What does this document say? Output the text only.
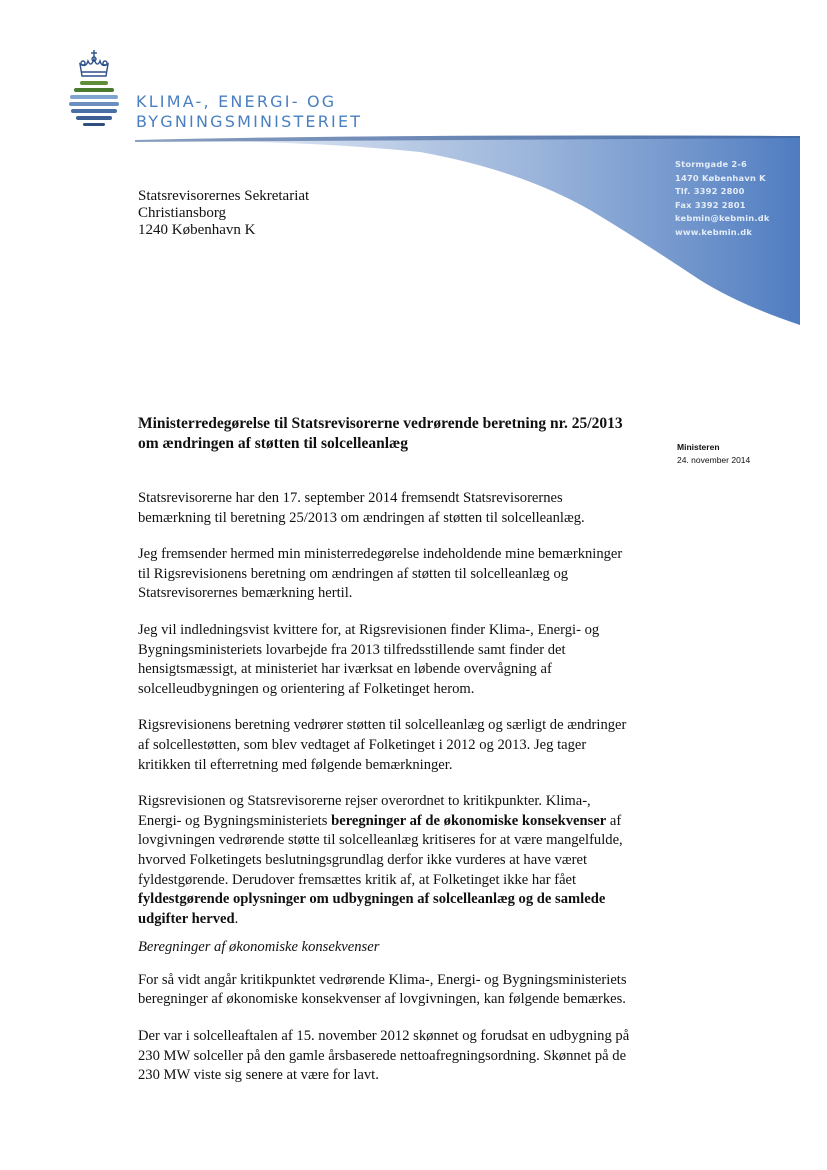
KLIMA-, ENERGI- OG
BYGNINGSMINISTERIET
Stormgade 2-6
1470 København K
Tlf. 3392 2800
Fax 3392 2801
kebmin@kebmin.dk
www.kebmin.dk
Statsrevisorernes Sekretariat
Christiansborg
1240 København K
Ministerredegørelse til Statsrevisorerne vedrørende beretning nr. 25/2013 om ændringen af støtten til solcelleanlæg	Ministeren
24. november 2014

Statsrevisorerne har den 17. september 2014 fremsendt Statsrevisorernes bemærkning til beretning 25/2013 om ændringen af støtten til solcelleanlæg.

Jeg fremsender hermed min ministerredegørelse indeholdende mine bemærkninger til Rigsrevisionens beretning om ændringen af støtten til solcelleanlæg og Statsrevisorernes bemærkning hertil.

Jeg vil indledningsvist kvittere for, at Rigsrevisionen finder Klima-, Energi- og Bygningsministeriets lovarbejde fra 2013 tilfredsstillende samt finder det hensigtsmæssigt, at ministeriet har iværksat en løbende overvågning af solcelleudbygningen og orientering af Folketinget herom.

Rigsrevisionens beretning vedrører støtten til solcelleanlæg og særligt de ændringer af solcellestøtten, som blev vedtaget af Folketinget i 2012 og 2013. Jeg tager kritikken til efterretning med følgende bemærkninger.

Rigsrevisionen og Statsrevisorerne rejser overordnet to kritikpunkter. Klima-, Energi- og Bygningsministeriets beregninger af de økonomiske konsekvenser af lovgivningen vedrørende støtte til solcelleanlæg kritiseres for at være mangelfulde, hvorved Folketingets beslutningsgrundlag derfor ikke vurderes at have været fyldestgørende. Derudover fremsættes kritik af, at Folketinget ikke har fået fyldestgørende oplysninger om udbygningen af solcelleanlæg og de samlede udgifter herved.

Beregninger af økonomiske konsekvenser

For så vidt angår kritikpunktet vedrørende Klima-, Energi- og Bygningsministeriets beregninger af økonomiske konsekvenser af lovgivningen, kan følgende bemærkes.

Der var i solcelleaftalen af 15. november 2012 skønnet og forudsat en udbygning på 230 MW solceller på den gamle årsbaserede nettoafregningsordning. Skønnet på de 230 MW viste sig senere at være for lavt.
